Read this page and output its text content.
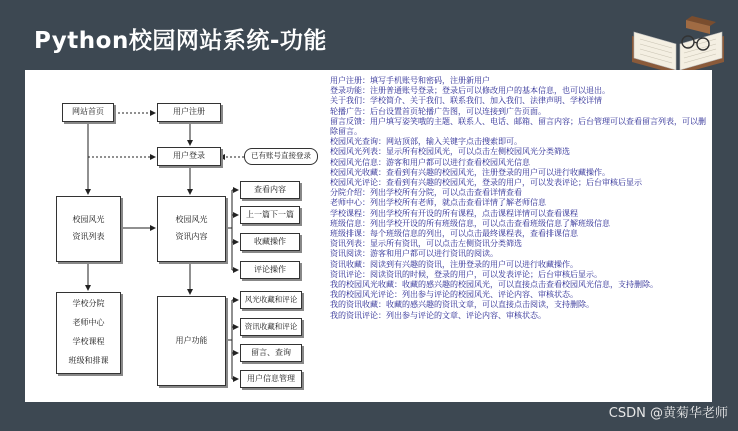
Python校园网站系统-功能
网站首页	用户注册
用户登录	已有账号直接登录
校园风光
资讯列表
校园风光
资讯内容
查看内容
上一篇下一篇
收藏操作
评论操作
学校分院
老师中心
学校课程
班级和排课
用户功能
风光收藏和评论
资讯收藏和评论
留言、查询
用户信息管理
用户注册：填写手机账号和密码，注册新用户
登录功能：注册普通账号登录；登录后可以修改用户的基本信息，也可以退出。
关于我们：学校简介、关于我们、联系我们、加入我们、法律声明、学校详情
轮播广告：后台设置首页轮播广告图，可以连接到广告页面。
留言反馈：用户填写姿笑哦的主题、联系人、电话、邮箱、留言内容；后台管理可以查看留言列表，可以删除留言。
校园风光查询：网站顶部，输入关键字点击搜索即可。
校园风光列表：显示所有校园风光，可以点击左侧校园风光分类筛选
校园风光信息：游客和用户都可以进行查看校园风光信息
校园风光收藏：查看到有兴趣的校园风光，注册登录的用户可以进行收藏操作。
校园风光评论：查看到有兴趣的校园风光，登录的用户，可以发表评论；后台审核后显示
分院介绍：列出学校所有分院，可以点击查看详情查看
老师中心：列出学校所有老师，就点击查看详情了解老师信息
学校课程：列出学校所有开设的所有课程，点击课程详情可以查看课程
班级信息：列出学校开设的所有班级信息，可以点击查看班级信息了解班级信息
班级排课：每个班级信息的列出，可以点击最终课程表，查看排课信息
资讯列表：显示所有资讯，可以点击左侧资讯分类筛选
资讯阅读：游客和用户都可以进行资讯的阅读。
资讯收藏：阅读到有兴趣的资讯，注册登录的用户可以进行收藏操作。
资讯评论：阅读资讯的时候，登录的用户，可以发表评论；后台审核后显示。
我的校园风光收藏：收藏的感兴趣的校园风光，可以直接点击查看校园风光信息，支持删除。
我的校园风光评论：列出参与评论的校园风光、评论内容、审核状态。
我的资讯收藏：收藏的感兴趣的资讯文章，可以直接点击阅读，支持删除。
我的资讯评论：列出参与评论的文章、评论内容、审核状态。
CSDN @黄菊华老师
